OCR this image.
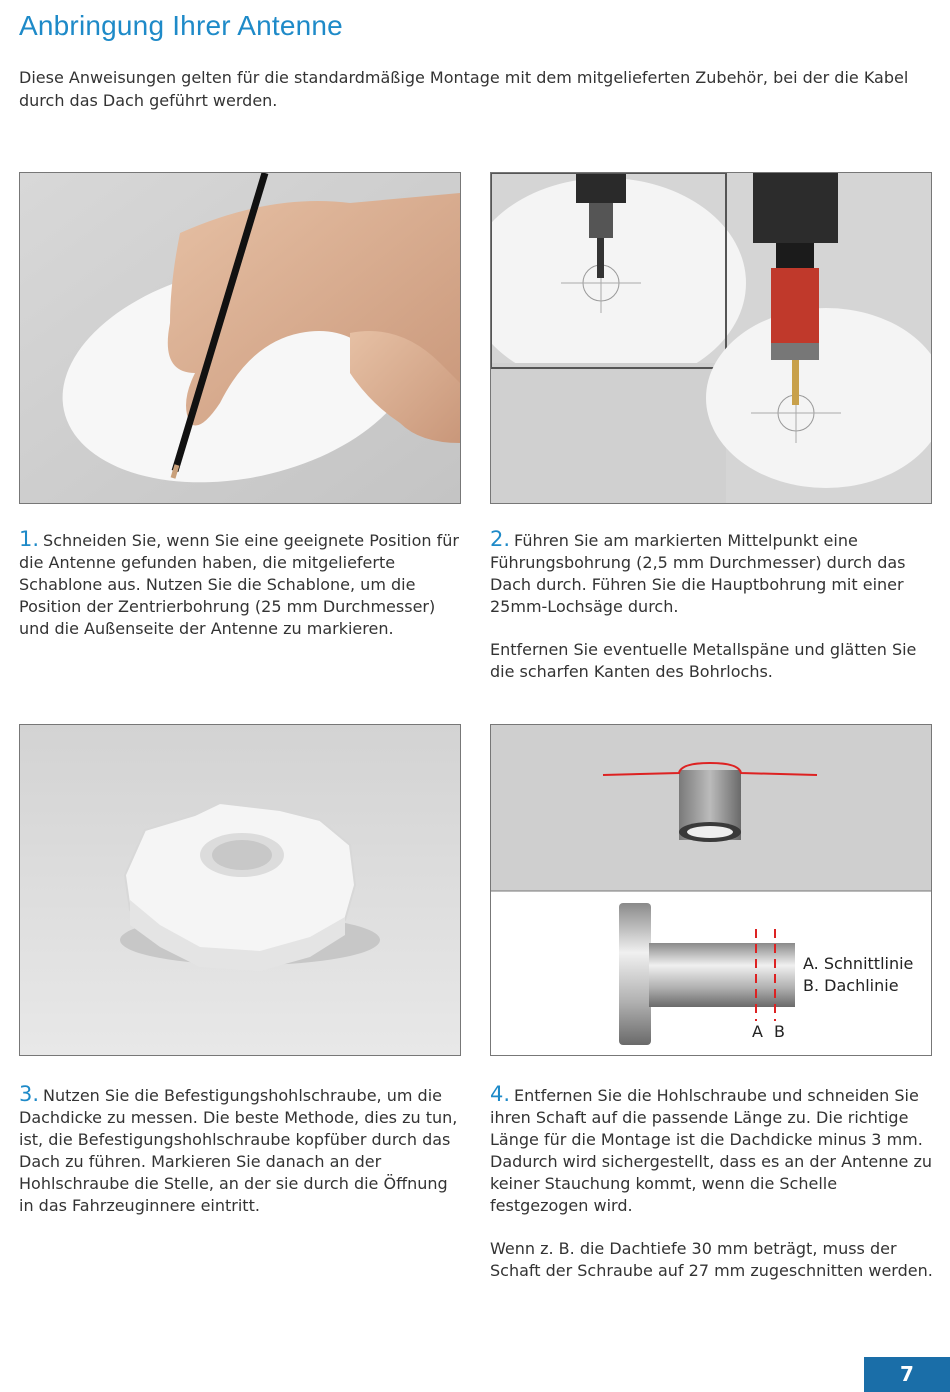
Anbringung Ihrer Antenne
Diese Anweisungen gelten für die standardmäßige Montage mit dem mitgelieferten Zubehör, bei der die Kabel durch das Dach geführt werden.

1. Schneiden Sie, wenn Sie eine geeignete Position für die Antenne gefunden haben, die mitgelieferte Schablone aus. Nutzen Sie die Schablone, um die Position der Zentrierbohrung (25 mm Durchmesser) und die Außenseite der Antenne zu markieren.

2. Führen Sie am markierten Mittelpunkt eine Führungsbohrung (2,5 mm Durchmesser) durch das Dach durch. Führen Sie die Hauptbohrung mit einer 25mm-Lochsäge durch.

Entfernen Sie eventuelle Metallspäne und glätten Sie die scharfen Kanten des Bohrlochs.

A. Schnittlinie
B. Dachlinie
A B

3. Nutzen Sie die Befestigungshohlschraube, um die Dachdicke zu messen. Die beste Methode, dies zu tun, ist, die Befestigungshohlschraube kopfüber durch das Dach zu führen. Markieren Sie danach an der Hohlschraube die Stelle, an der sie durch die Öffnung in das Fahrzeuginnere eintritt.

4. Entfernen Sie die Hohlschraube und schneiden Sie ihren Schaft auf die passende Länge zu. Die richtige Länge für die Montage ist die Dachdicke minus 3 mm. Dadurch wird sichergestellt, dass es an der Antenne zu keiner Stauchung kommt, wenn die Schelle festgezogen wird.

Wenn z. B. die Dachtiefe 30 mm beträgt, muss der Schaft der Schraube auf 27 mm zugeschnitten werden.

7
